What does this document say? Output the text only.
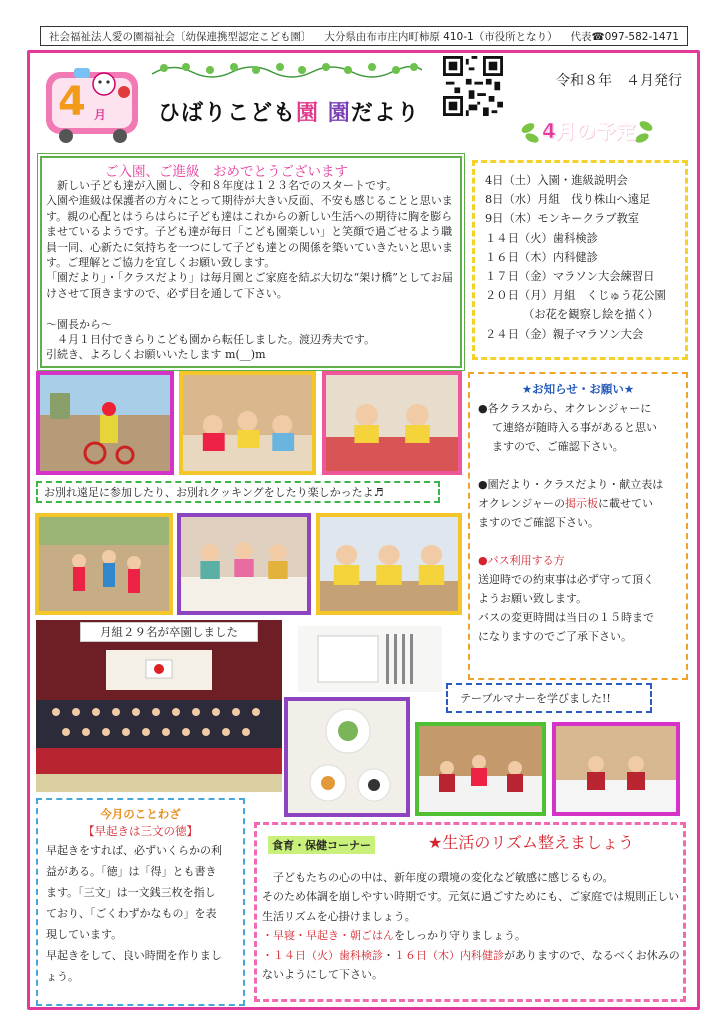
社会福祉法人愛の園福祉会〔幼保連携型認定こども園〕 大分県由布市庄内町柿原 410-1（市役所となり） 代表☎097-582-1471
4 月 ひばりこども園 園だより
令和８年　４月発行
4月の予定
ご入園、ご進級　おめでとうございます

　新しい子ども達が入園し、令和８年度は１２３名でのスタートです。

入園や進級は保護者の方々にとって期待が大きい反面、不安も感じることと思います。親の心配とはうらはらに子ども達はこれからの新しい生活への期待に胸を膨らませているようです。子ども達が毎日「こども園楽しい」と笑顔で過ごせるよう職員一同、心新たに気持ちを一つにして子ども達との関係を築いていきたいと思います。ご理解とご協力を宜しくお願い致します。

「園だより」・「クラスだより」は毎月園とご家庭を結ぶ大切な“架け橋”としてお届けさせて頂きますので、必ず目を通して下さい。

～園長から～

　４月１日付できらりこども園から転任しました。渡辺秀夫です。

引続き、よろしくお願いいたします m(__)m

4日（土）入園・進級説明会
8日（水）月組　伐り株山へ遠足
9日（木）モンキークラブ教室
１４日（火）歯科検診
１６日（木）内科健診
１７日（金）マラソン大会練習日
２０日（月）月組　くじゅう花公園
（お花を観察し絵を描く）
２４日（金）親子マラソン大会
★お知らせ・お願い★
●各クラスから、オクレンジャーに
て連絡が随時入る事があると思い
ますので、ご確認下さい。
●園だより・クラスだより・献立表は
オクレンジャーの掲示板に載せてい
ますのでご確認下さい。
●バス利用する方
送迎時での約束事は必ず守って頂く
ようお願い致します。
バスの変更時間は当日の１５時まで
になりますのでご了承下さい。
お別れ遠足に参加したり、お別れクッキングをしたり楽しかったよ♬
月組２９名が卒園しました
テーブルマナーを学びました!!
今月のことわざ
【早起きは三文の徳】
早起きをすれば、必ずいくらかの利
益がある。「徳」は「得」とも書き
ます。「三文」は一文銭三枚を指し
ており、「ごくわずかなもの」を表
現しています。
早起きをして、良い時間を作りまし
ょう。
食育・保健コーナー	★生活のリズム整えましょう

　子どもたちの心の中は、新年度の環境の変化など敏感に感じるもの。

そのため体調を崩しやすい時期です。元気に過ごすためにも、ご家庭では規則正しい生活リズムを心掛けましょう。

・早寝・早起き・朝ごはんをしっかり守りましょう。

・１４日（火）歯科検診・１６日（木）内科健診がありますので、なるべくお休みのないようにして下さい。
